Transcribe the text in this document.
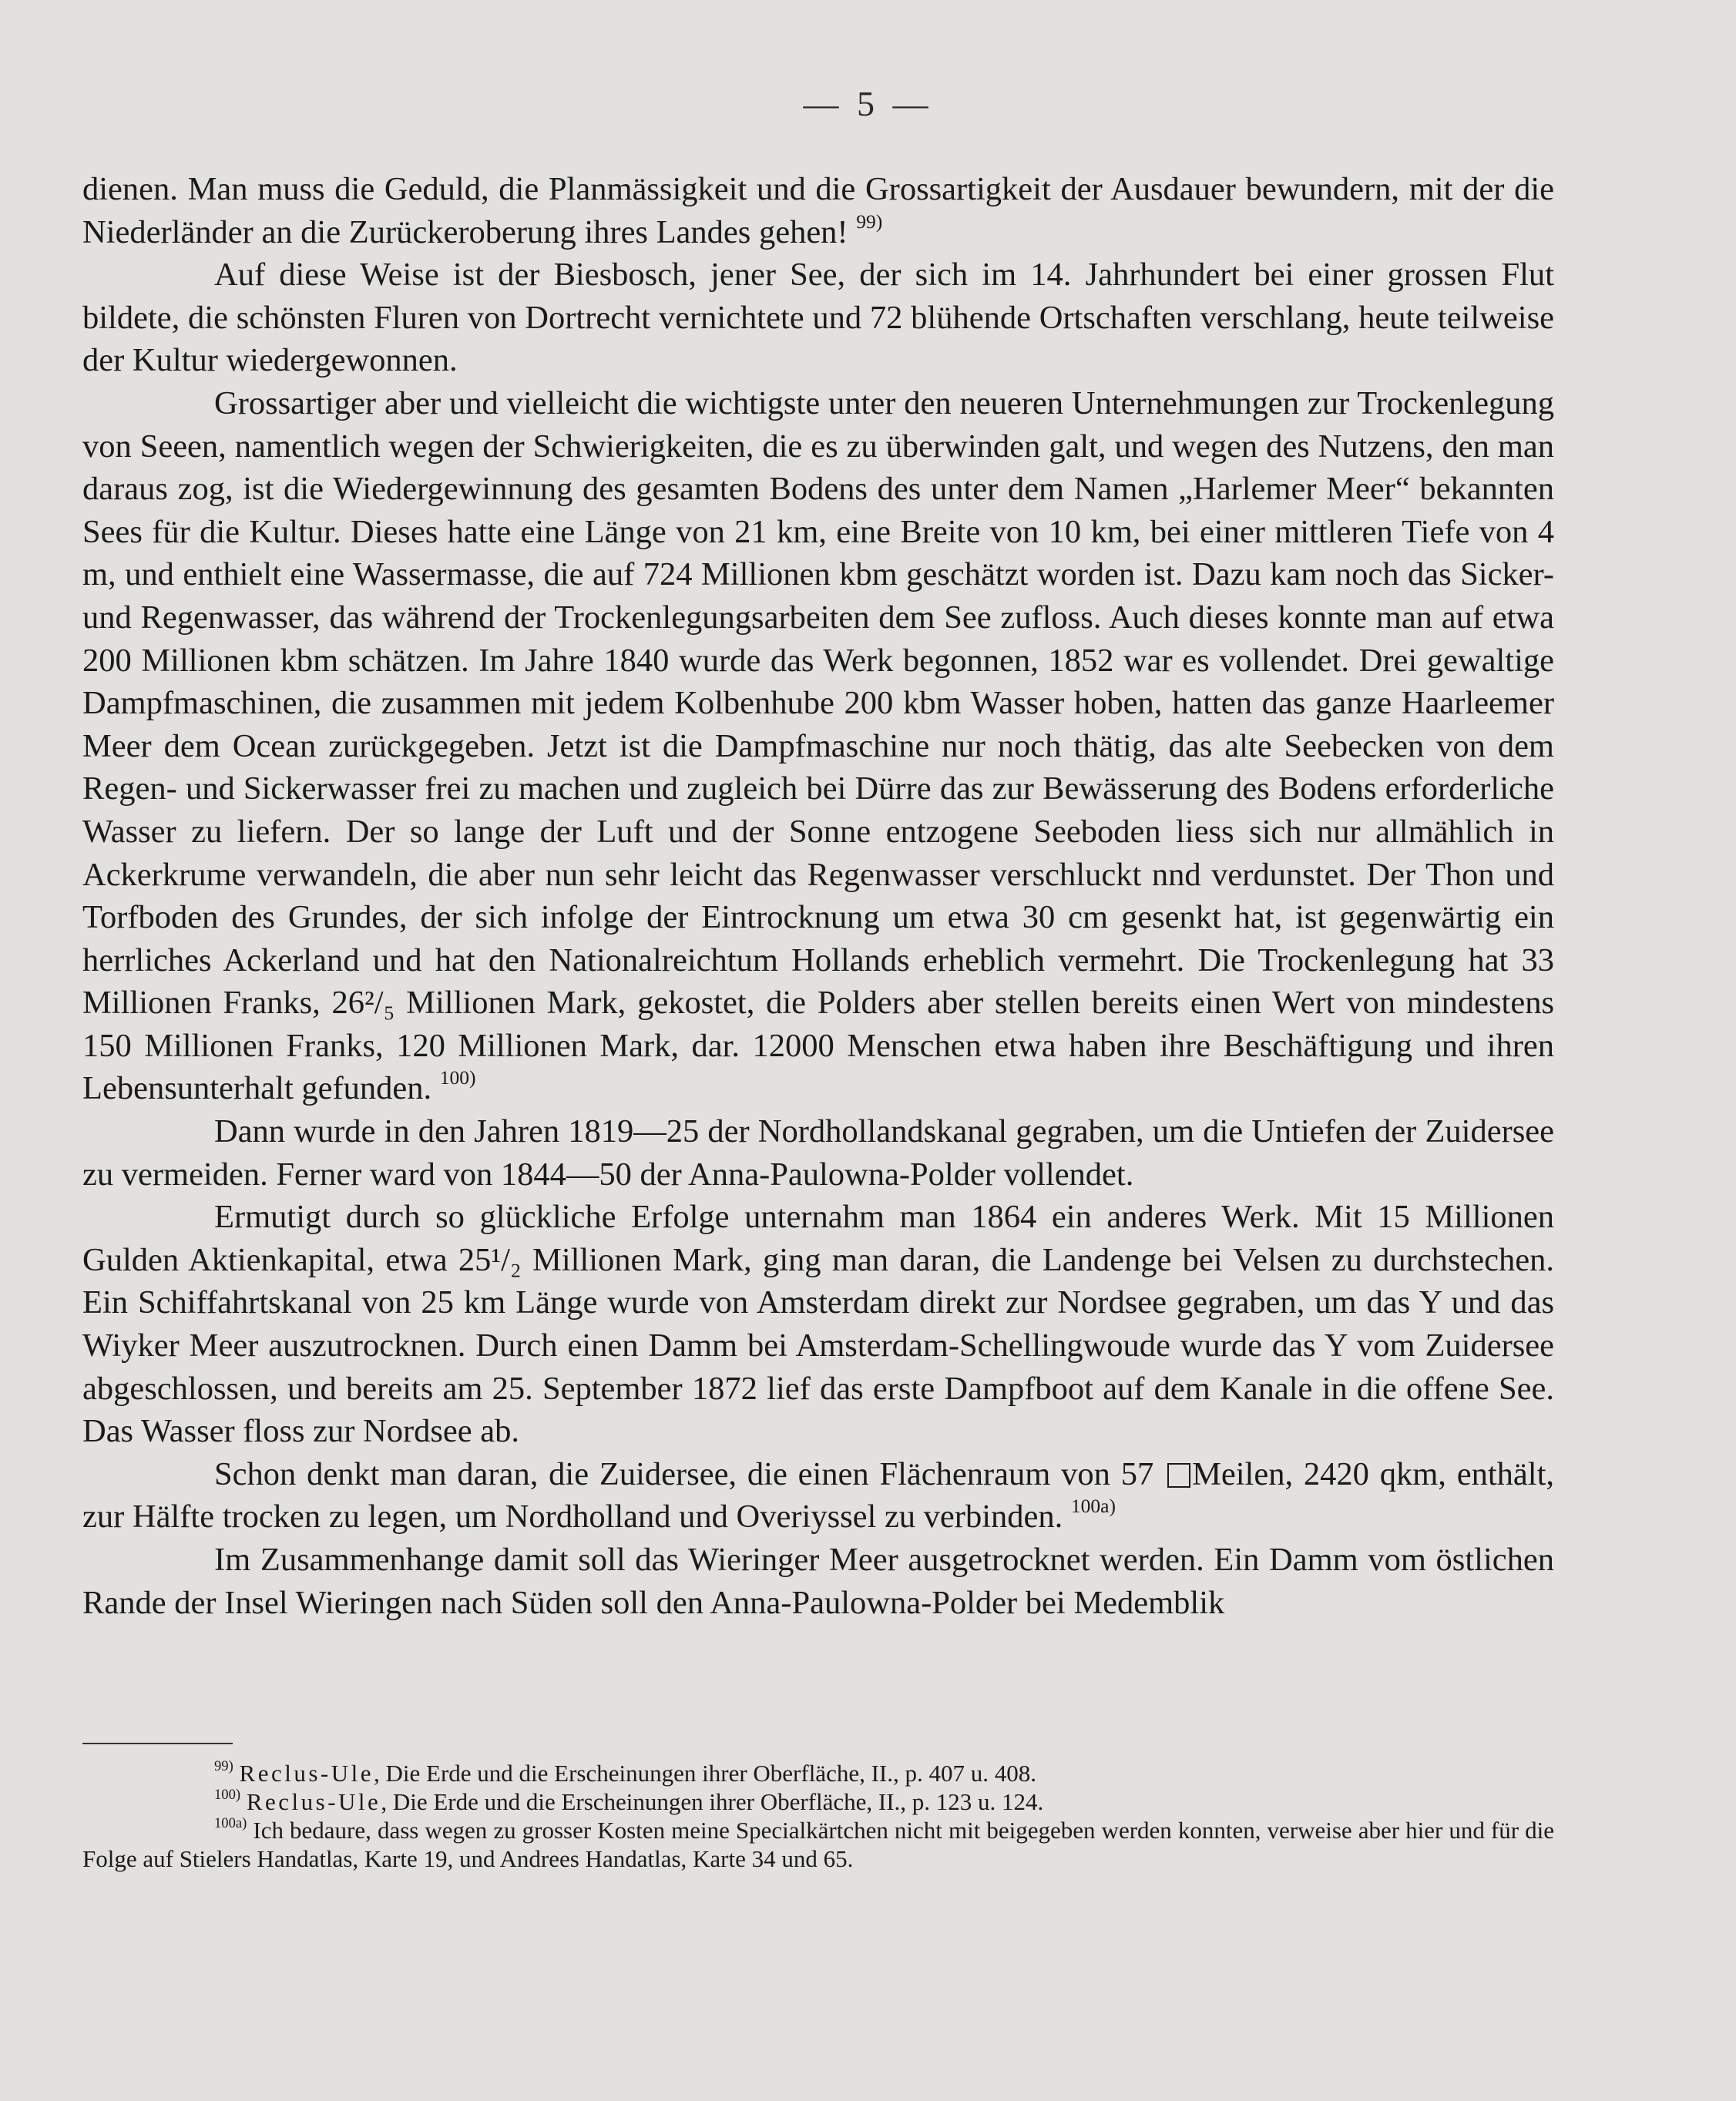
— 5 —

dienen. Man muss die Geduld, die Planmässigkeit und die Grossartigkeit der Ausdauer bewundern, mit der die Niederländer an die Zurückeroberung ihres Landes gehen! $^{99)}$

Auf diese Weise ist der Biesbosch, jener See, der sich im 14. Jahrhundert bei einer grossen Flut bildete, die schönsten Fluren von Dortrecht vernichtete und 72 blühende Ortschaften verschlang, heute teilweise der Kultur wiedergewonnen.

Grossartiger aber und vielleicht die wichtigste unter den neueren Unternehmungen zur Trockenlegung von Seeen, namentlich wegen der Schwierigkeiten, die es zu überwinden galt, und wegen des Nutzens, den man daraus zog, ist die Wiedergewinnung des gesamten Bodens des unter dem Namen „Harlemer Meer“ bekannten Sees für die Kultur. Dieses hatte eine Länge von 21 km, eine Breite von 10 km, bei einer mittleren Tiefe von 4 m, und enthielt eine Wassermasse, die auf 724 Millionen kbm geschätzt worden ist. Dazu kam noch das Sicker- und Regenwasser, das während der Trockenlegungsarbeiten dem See zufloss. Auch dieses konnte man auf etwa 200 Millionen kbm schätzen. Im Jahre 1840 wurde das Werk begonnen, 1852 war es vollendet. Drei gewaltige Dampfmaschinen, die zusammen mit jedem Kolbenhube 200 kbm Wasser hoben, hatten das ganze Haarleemer Meer dem Ocean zurückgegeben. Jetzt ist die Dampfmaschine nur noch thätig, das alte Seebecken von dem Regen- und Sickerwasser frei zu machen und zugleich bei Dürre das zur Bewässerung des Bodens erforderliche Wasser zu liefern. Der so lange der Luft und der Sonne entzogene Seeboden liess sich nur allmählich in Ackerkrume verwandeln, die aber nun sehr leicht das Regenwasser verschluckt nnd verdunstet. Der Thon und Torfboden des Grundes, der sich infolge der Eintrocknung um etwa 30 cm gesenkt hat, ist gegenwärtig ein herrliches Ackerland und hat den Nationalreichtum Hollands erheblich vermehrt. Die Trockenlegung hat 33 Millionen Franks, 26²/₅ Millionen Mark, gekostet, die Polders aber stellen bereits einen Wert von mindestens 150 Millionen Franks, 120 Millionen Mark, dar. 12000 Menschen etwa haben ihre Beschäftigung und ihren Lebensunterhalt gefunden. $^{100)}$

Dann wurde in den Jahren 1819—25 der Nordhollandskanal gegraben, um die Untiefen der Zuidersee zu vermeiden. Ferner ward von 1844—50 der Anna-Paulowna-Polder vollendet.

Ermutigt durch so glückliche Erfolge unternahm man 1864 ein anderes Werk. Mit 15 Millionen Gulden Aktienkapital, etwa 25¹/₂ Millionen Mark, ging man daran, die Landenge bei Velsen zu durchstechen. Ein Schiffahrtskanal von 25 km Länge wurde von Amsterdam direkt zur Nordsee gegraben, um das Y und das Wiyker Meer auszutrocknen. Durch einen Damm bei Amsterdam-Schellingwoude wurde das Y vom Zuidersee abgeschlossen, und bereits am 25. September 1872 lief das erste Dampfboot auf dem Kanale in die offene See. Das Wasser floss zur Nordsee ab.

Schon denkt man daran, die Zuidersee, die einen Flächenraum von 57 Meilen, 2420 qkm, enthält, zur Hälfte trocken zu legen, um Nordholland und Overiyssel zu verbinden. $^{100a)}$

Im Zusammenhange damit soll das Wieringer Meer ausgetrocknet werden. Ein Damm vom östlichen Rande der Insel Wieringen nach Süden soll den Anna-Paulowna-Polder bei Medemblik

$^{99)}$ Reclus-Ule, Die Erde und die Erscheinungen ihrer Oberfläche, II., p. 407 u. 408.

$^{100)}$ Reclus-Ule, Die Erde und die Erscheinungen ihrer Oberfläche, II., p. 123 u. 124.

$^{100a)}$ Ich bedaure, dass wegen zu grosser Kosten meine Specialkärtchen nicht mit beigegeben werden konnten, verweise aber hier und für die Folge auf Stielers Handatlas, Karte 19, und Andrees Handatlas, Karte 34 und 65.
